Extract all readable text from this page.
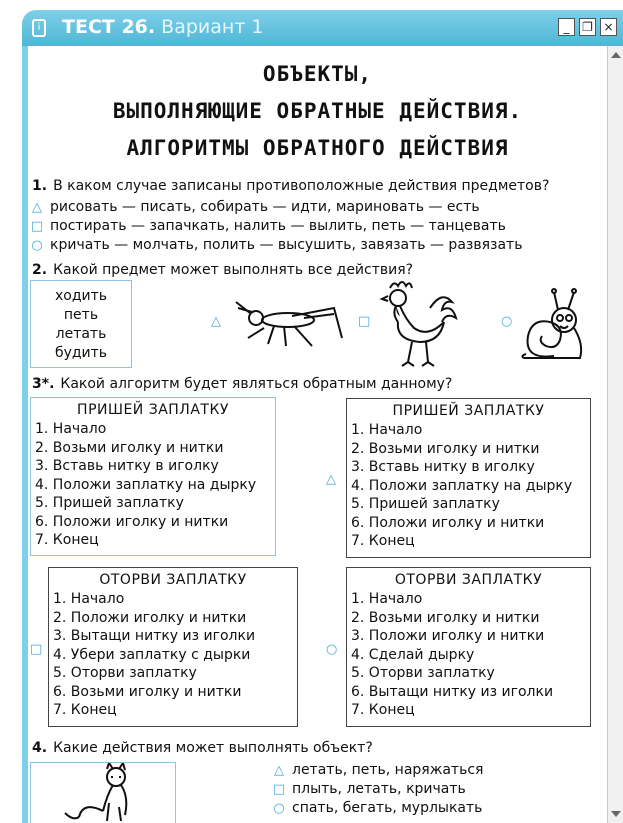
i ТЕСТ 26. Вариант 1	_	❐ ×
ОБЪЕКТЫ,
ВЫПОЛНЯЮЩИЕ ОБРАТНЫЕ ДЕЙСТВИЯ.
АЛГОРИТМЫ ОБРАТНОГО ДЕЙСТВИЯ
1. В каком случае записаны противоположные действия предметов?
△рисовать — писать, собирать — идти, мариновать — есть
□постирать — запачкать, налить — вылить, петь — танцевать
○кричать — молчать, полить — высушить, завязать — развязать
2. Какой предмет может выполнять все действия?
ходить
петь
летать
будить
△	□	○
3*. Какой алгоритм будет являться обратным данному?
ПРИШЕЙ ЗАПЛАТКУ
1. Начало
2. Возьми иголку и нитки
3. Вставь нитку в иголку
4. Положи заплатку на дырку
5. Пришей заплатку
6. Положи иголку и нитки
7. Конец
△
ПРИШЕЙ ЗАПЛАТКУ
1. Начало
2. Возьми иголку и нитки
3. Вставь нитку в иголку
4. Положи заплатку на дырку
5. Пришей заплатку
6. Положи иголку и нитки
7. Конец
□
ОТОРВИ ЗАПЛАТКУ
1. Начало
2. Положи иголку и нитки
3. Вытащи нитку из иголки
4. Убери заплатку с дырки
5. Оторви заплатку
6. Возьми иголку и нитки
7. Конец
○
ОТОРВИ ЗАПЛАТКУ
1. Начало
2. Возьми иголку и нитки
3. Положи иголку и нитки
4. Сделай дырку
5. Оторви заплатку
6. Вытащи нитку из иголки
7. Конец
4. Какие действия может выполнять объект?
△летать, петь, наряжаться
□плыть, летать, кричать
○спать, бегать, мурлыкать
